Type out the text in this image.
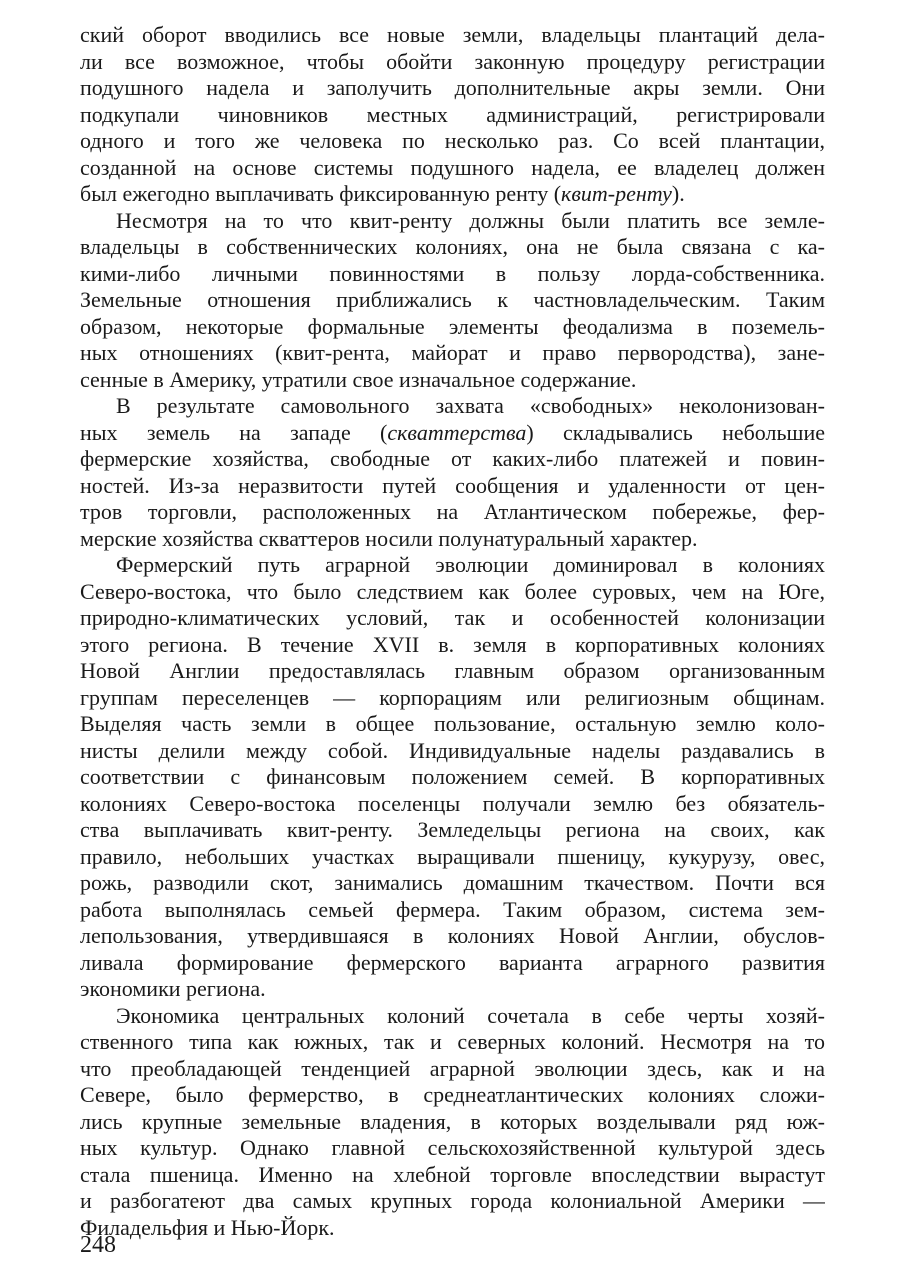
ский оборот вводились все новые земли, владельцы плантаций дела-
ли все возможное, чтобы обойти законную процедуру регистрации
подушного надела и заполучить дополнительные акры земли. Они
подкупали чиновников местных администраций, регистрировали
одного и того же человека по несколько раз. Со всей плантации,
созданной на основе системы подушного надела, ее владелец должен
был ежегодно выплачивать фиксированную ренту (квит-ренту).
Несмотря на то что квит-ренту должны были платить все земле-
владельцы в собственнических колониях, она не была связана с ка-
кими-либо личными повинностями в пользу лорда-собственника.
Земельные отношения приближались к частновладельческим. Таким
образом, некоторые формальные элементы феодализма в поземель-
ных отношениях (квит-рента, майорат и право первородства), зане-
сенные в Америку, утратили свое изначальное содержание.
В результате самовольного захвата «свободных» неколонизован-
ных земель на западе (скваттерства) складывались небольшие
фермерские хозяйства, свободные от каких-либо платежей и повин-
ностей. Из-за неразвитости путей сообщения и удаленности от цен-
тров торговли, расположенных на Атлантическом побережье, фер-
мерские хозяйства скваттеров носили полунатуральный характер.
Фермерский путь аграрной эволюции доминировал в колониях
Северо-востока, что было следствием как более суровых, чем на Юге,
природно-климатических условий, так и особенностей колонизации
этого региона. В течение XVII в. земля в корпоративных колониях
Новой Англии предоставлялась главным образом организованным
группам переселенцев — корпорациям или религиозным общинам.
Выделяя часть земли в общее пользование, остальную землю коло-
нисты делили между собой. Индивидуальные наделы раздавались в
соответствии с финансовым положением семей. В корпоративных
колониях Северо-востока поселенцы получали землю без обязатель-
ства выплачивать квит-ренту. Земледельцы региона на своих, как
правило, небольших участках выращивали пшеницу, кукурузу, овес,
рожь, разводили скот, занимались домашним ткачеством. Почти вся
работа выполнялась семьей фермера. Таким образом, система зем-
лепользования, утвердившаяся в колониях Новой Англии, обуслов-
ливала формирование фермерского варианта аграрного развития
экономики региона.
Экономика центральных колоний сочетала в себе черты хозяй-
ственного типа как южных, так и северных колоний. Несмотря на то
что преобладающей тенденцией аграрной эволюции здесь, как и на
Севере, было фермерство, в среднеатлантических колониях сложи-
лись крупные земельные владения, в которых возделывали ряд юж-
ных культур. Однако главной сельскохозяйственной культурой здесь
стала пшеница. Именно на хлебной торговле впоследствии вырастут
и разбогатеют два самых крупных города колониальной Америки —
Филадельфия и Нью-Йорк.
248
